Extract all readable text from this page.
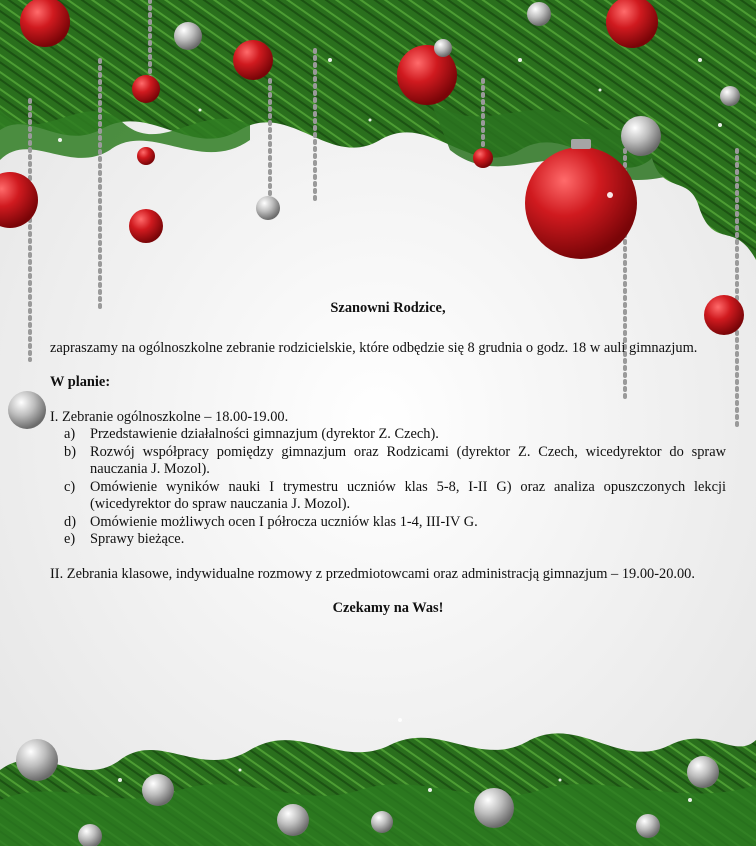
Szanowni Rodzice,

zapraszamy na ogólnoszkolne zebranie rodzicielskie, które odbędzie się 8 grudnia o godz. 18 w auli gimnazjum.

W planie:

I. Zebranie ogólnoszkolne – 18.00-19.00.

a) Przedstawienie działalności gimnazjum (dyrektor Z. Czech).
b) Rozwój współpracy pomiędzy gimnazjum oraz Rodzicami (dyrektor Z. Czech, wicedyrektor do spraw nauczania J. Mozol).
c) Omówienie wyników nauki I trymestru uczniów klas 5-8, I-II G) oraz analiza opuszczonych lekcji (wicedyrektor do spraw nauczania J. Mozol).
d) Omówienie możliwych ocen I półrocza uczniów klas 1-4, III-IV G.
e) Sprawy bieżące.

II. Zebrania klasowe, indywidualne rozmowy z przedmiotowcami oraz administracją gimnazjum – 19.00-20.00.

Czekamy na Was!
